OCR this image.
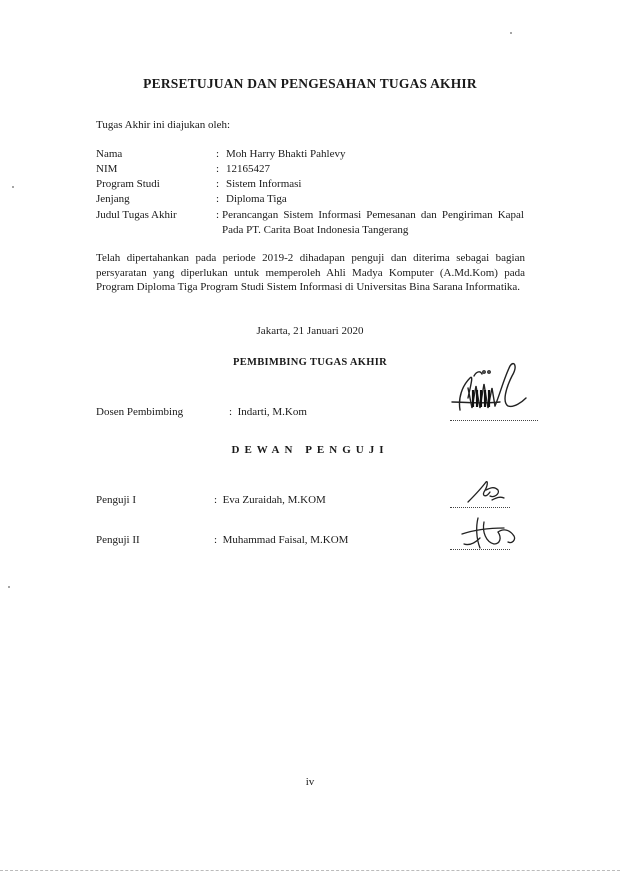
PERSETUJUAN DAN PENGESAHAN TUGAS AKHIR
Tugas Akhir ini diajukan oleh:
Nama	: Moh Harry Bhakti Pahlevy
NIM	: 12165427
Program Studi	: Sistem Informasi
Jenjang	: Diploma Tiga
Judul Tugas Akhir	: Perancangan Sistem Informasi Pemesanan dan Pengiriman Kapal Pada PT. Carita Boat Indonesia Tangerang
Telah dipertahankan pada periode 2019-2 dihadapan penguji dan diterima sebagai bagian persyaratan yang diperlukan untuk memperoleh Ahli Madya Komputer (A.Md.Kom) pada Program Diploma Tiga Program Studi Sistem Informasi di Universitas Bina Sarana Informatika.
Jakarta, 21 Januari 2020
PEMBIMBING TUGAS AKHIR
Dosen Pembimbing	: Indarti, M.Kom
DEWAN PENGUJI
Penguji I	: Eva Zuraidah, M.KOM
Penguji II	: Muhammad Faisal, M.KOM
iv
